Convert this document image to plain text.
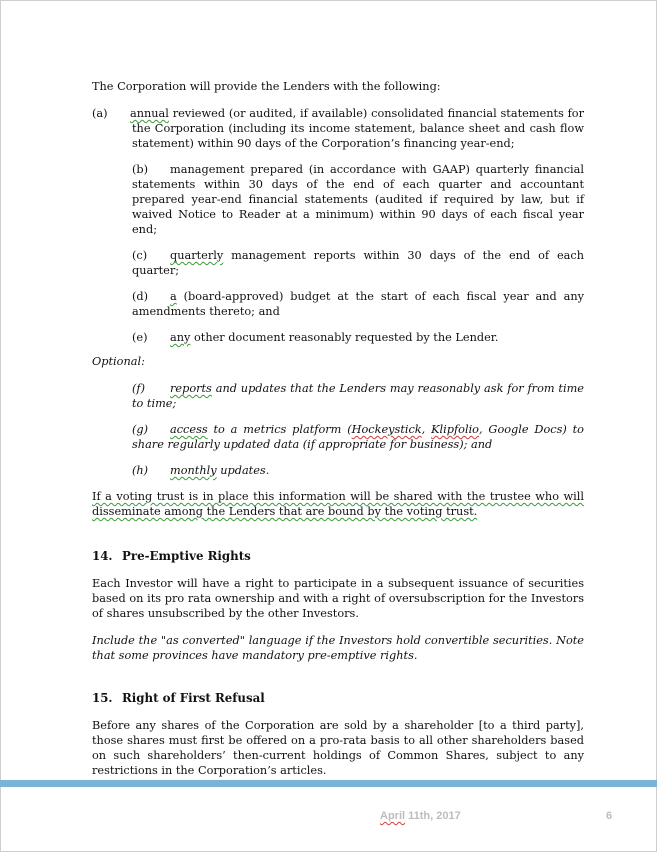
The Corporation will provide the Lenders with the following:

(a) annual reviewed (or audited, if available) consolidated financial statements for the Corporation (including its income statement, balance sheet and cash flow statement) within 90 days of the Corporation’s financing year-end;

(b) management prepared (in accordance with GAAP) quarterly financial statements within 30 days of the end of each quarter and accountant prepared year-end financial statements (audited if required by law, but if waived Notice to Reader at a minimum) within 90 days of each fiscal year end;

(c) quarterly management reports within 30 days of the end of each quarter;

(d) a (board-approved) budget at the start of each fiscal year and any amendments thereto; and

(e) any other document reasonably requested by the Lender.

Optional:

(f) reports and updates that the Lenders may reasonably ask for from time to time;

(g) access to a metrics platform (Hockeystick, Klipfolio, Google Docs) to share regularly updated data (if appropriate for business); and

(h) monthly updates.

If a voting trust is in place this information will be shared with the trustee who will disseminate among the Lenders that are bound by the voting trust.

14. Pre-Emptive Rights

Each Investor will have a right to participate in a subsequent issuance of securities based on its pro rata ownership and with a right of oversubscription for the Investors of shares unsubscribed by the other Investors.

Include the "as converted" language if the Investors hold convertible securities. Note that some provinces have mandatory pre-emptive rights.

15. Right of First Refusal

Before any shares of the Corporation are sold by a shareholder [to a third party], those shares must first be offered on a pro-rata basis to all other shareholders based on such shareholders’ then-current holdings of Common Shares, subject to any restrictions in the Corporation’s articles.

April 11th, 2017	6
